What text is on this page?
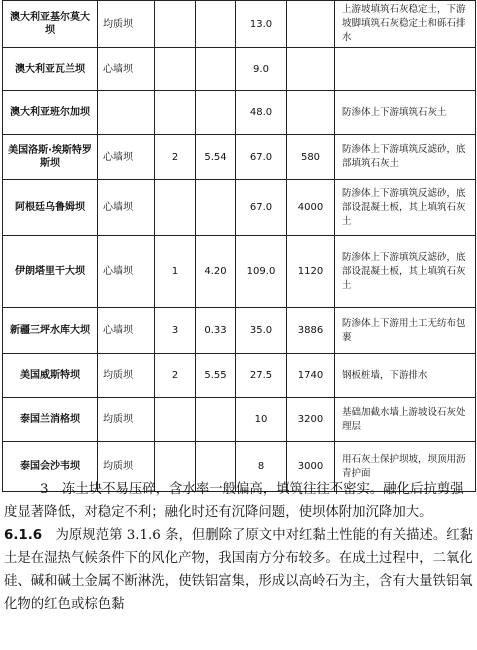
澳大利亚基尔莫大坝	均质坝			13.0		上游坡填筑石灰稳定土，下游坡脚填筑石灰稳定土和砾石排水
澳大利亚瓦兰坝	心墙坝			9.0		
澳大利亚班尔加坝				48.0		防渗体上下游填筑石灰土
美国洛斯·埃斯特罗斯坝	心墙坝	2	5.54	67.0	580	防渗体上下游填筑反滤砂，底部填筑石灰土
阿根廷乌鲁姆坝	心墙坝			67.0	4000	防渗体上下游填筑反滤砂，底部设混凝土板，其上填筑石灰土
伊朗塔里干大坝	心墙坝	1	4.20	109.0	1120	防渗体上下游填筑反滤砂，底部设混凝土板，其上填筑石灰土
新疆三坪水库大坝	心墙坝	3	0.33	35.0	3886	防渗体上下游用土工无纺布包裹
美国威斯特坝	均质坝	2	5.55	27.5	1740	钢板桩墙，下游排水
泰国兰消格坝	均质坝			10	3200	基础加截水墙上游坡设石灰处理层
泰国会沙韦坝	均质坝			8	3000	用石灰土保护坝坡，坝顶用沥青护面

3　冻土块不易压碎，含水率一般偏高，填筑往往不密实。融化后抗剪强度显著降低，对稳定不利；融化时还有沉降问题，使坝体附加沉降加大。

6.1.6　为原规范第 3.1.6 条，但删除了原文中对红黏土性能的有关描述。红黏土是在湿热气候条件下的风化产物，我国南方分布较多。在成土过程中，二氧化硅、碱和碱土金属不断淋洗，使铁铝富集，形成以高岭石为主，含有大量铁铝氧化物的红色或棕色黏
